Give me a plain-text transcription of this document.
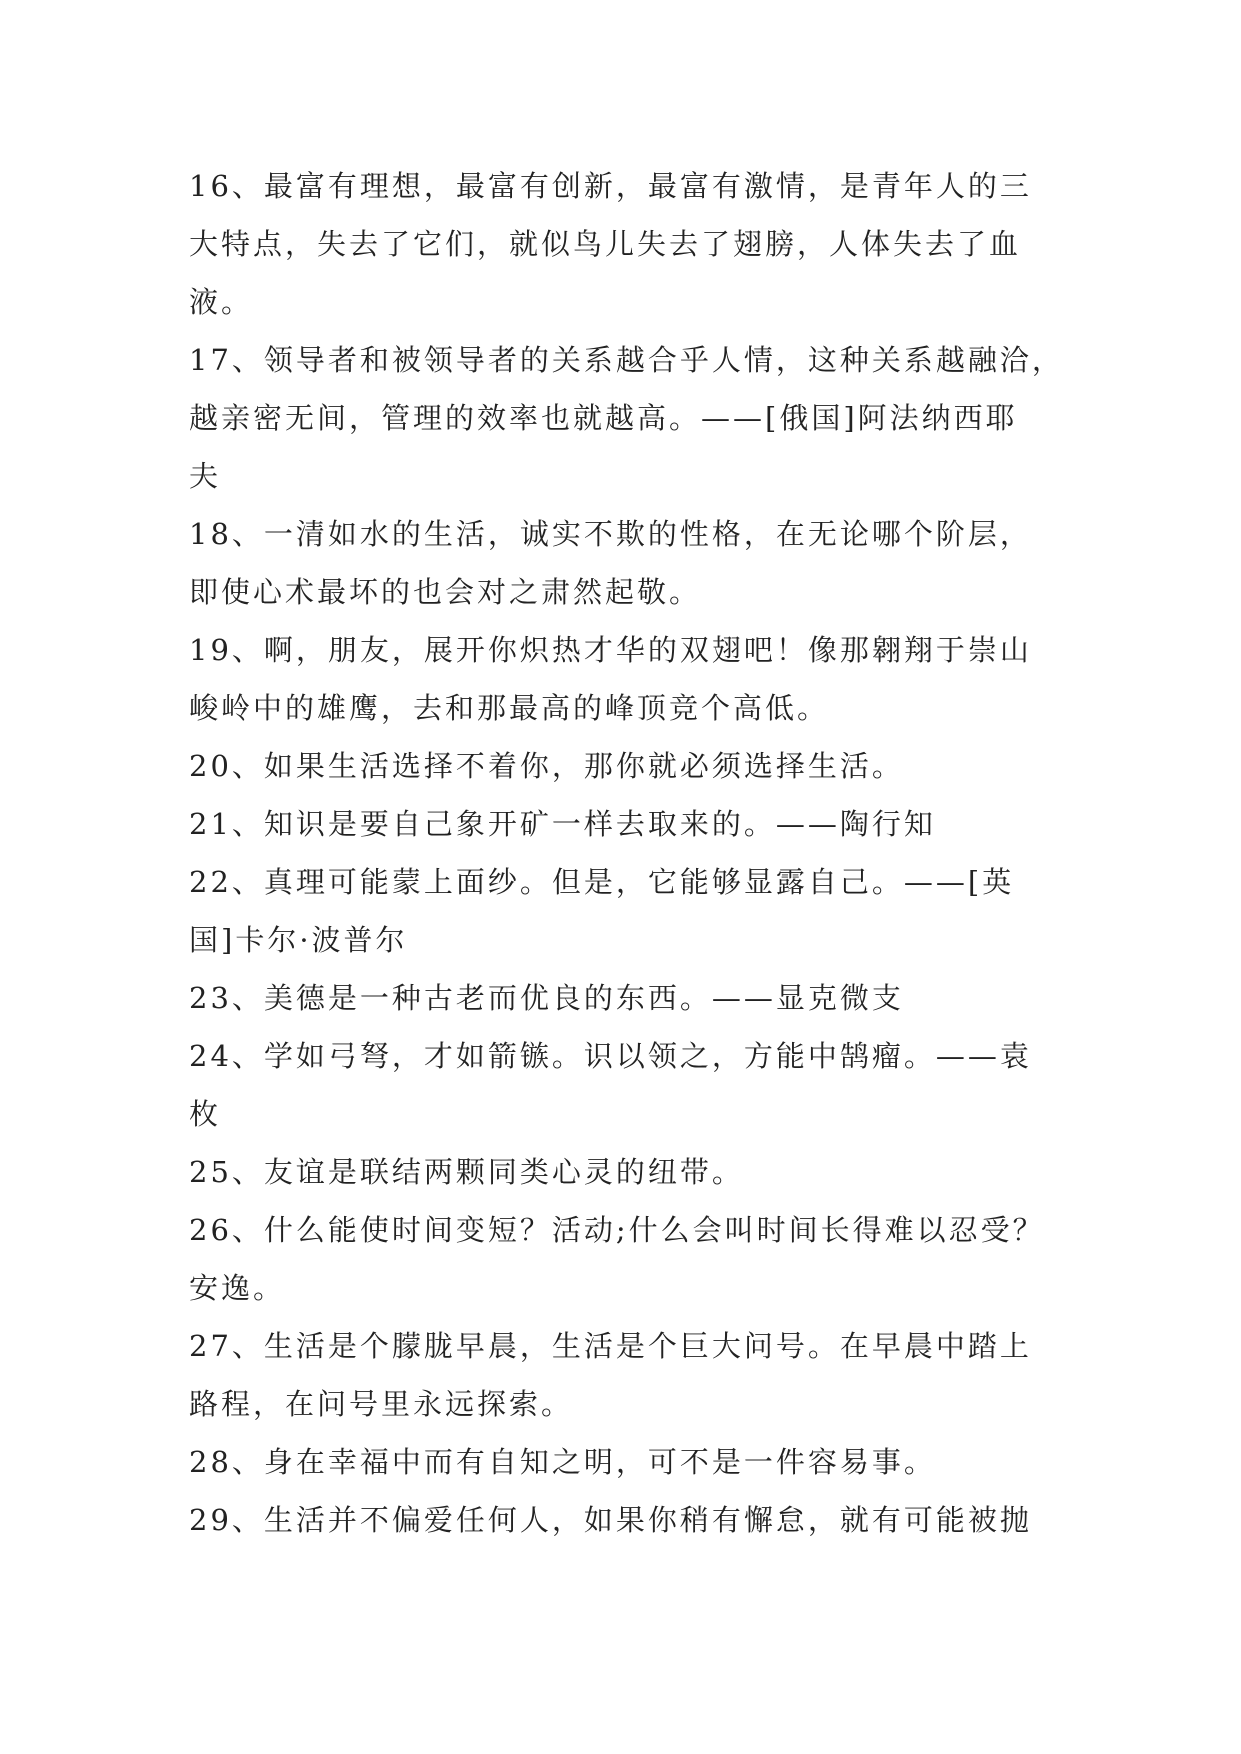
16、最富有理想，最富有创新，最富有激情，是青年人的三
大特点，失去了它们，就似鸟儿失去了翅膀，人体失去了血
液。
17、领导者和被领导者的关系越合乎人情，这种关系越融洽，
越亲密无间，管理的效率也就越高。——[俄国]阿法纳西耶
夫
18、一清如水的生活，诚实不欺的性格，在无论哪个阶层，
即使心术最坏的也会对之肃然起敬。
19、啊，朋友，展开你炽热才华的双翅吧！像那翱翔于崇山
峻岭中的雄鹰，去和那最高的峰顶竞个高低。
20、如果生活选择不着你，那你就必须选择生活。
21、知识是要自己象开矿一样去取来的。——陶行知
22、真理可能蒙上面纱。但是，它能够显露自己。——[英
国]卡尔·波普尔
23、美德是一种古老而优良的东西。——显克微支
24、学如弓弩，才如箭镞。识以领之，方能中鹄瘤。——袁
枚
25、友谊是联结两颗同类心灵的纽带。
26、什么能使时间变短？活动;什么会叫时间长得难以忍受？
安逸。
27、生活是个朦胧早晨，生活是个巨大问号。在早晨中踏上
路程，在问号里永远探索。
28、身在幸福中而有自知之明，可不是一件容易事。
29、生活并不偏爱任何人，如果你稍有懈怠，就有可能被抛
